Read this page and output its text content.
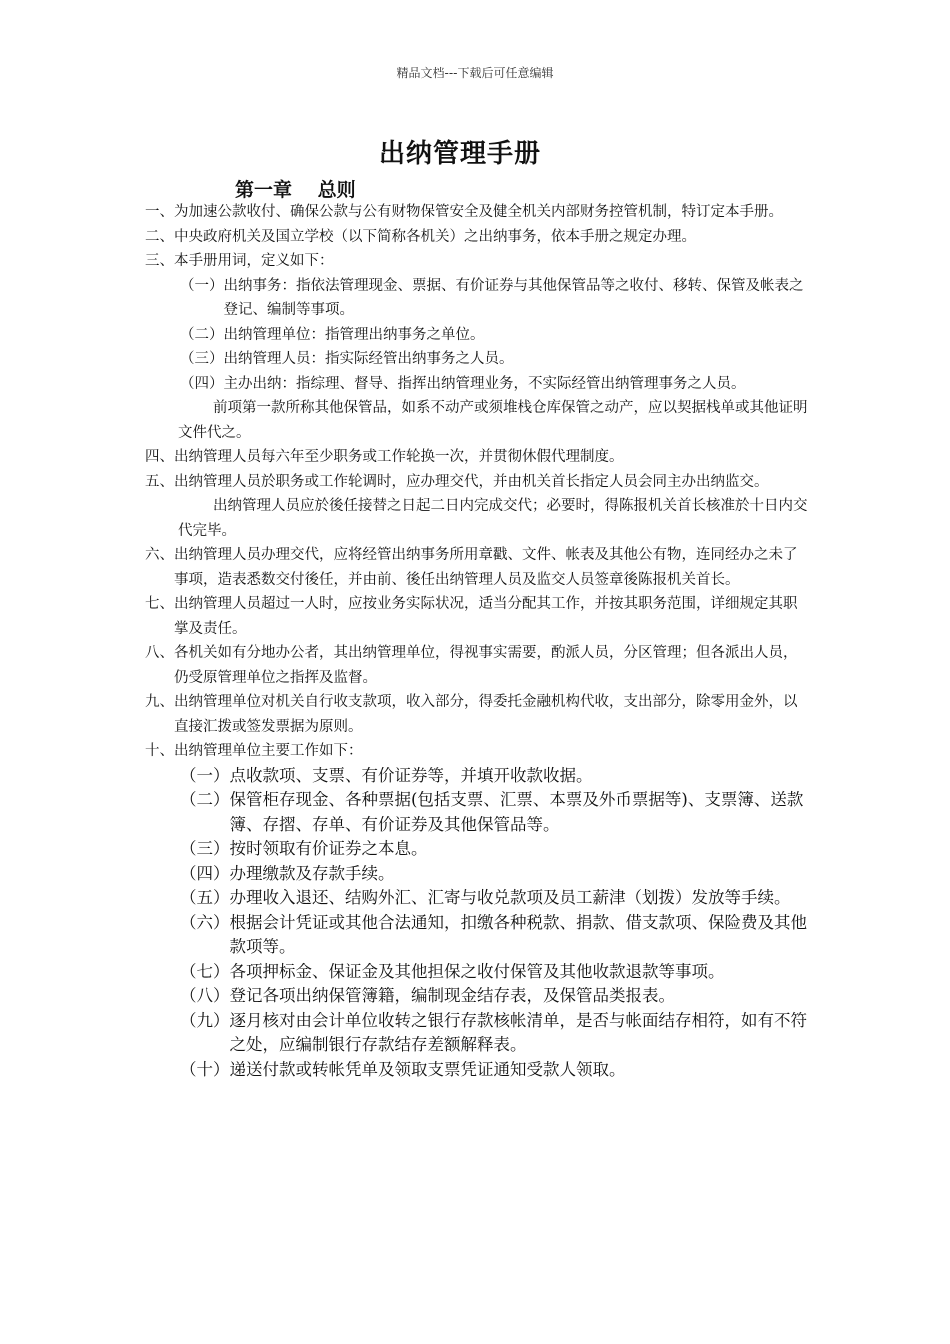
精品文档---下载后可任意编辑
出纳管理手册
第一章　 总则
一、 为加速公款收付、确保公款与公有财物保管安全及健全机关内部财务控管机制，特订定本手册。
二、 中央政府机关及国立学校（以下简称各机关）之出纳事务，依本手册之规定办理。
三、 本手册用词，定义如下：
（一） 出纳事务：指依法管理现金、票据、有价证券与其他保管品等之收付、移转、保管及帐表之登记、编制等事项。
（二） 出纳管理单位：指管理出纳事务之单位。
（三） 出纳管理人员：指实际经管出纳事务之人员。
（四） 主办出纳：指综理、督导、指挥出纳管理业务，不实际经管出纳管理事务之人员。

前项第一款所称其他保管品，如系不动产或须堆栈仓库保管之动产，应以契据栈单或其他证明文件代之。

四、 出纳管理人员每六年至少职务或工作轮换一次，并贯彻休假代理制度。
五、 出纳管理人员於职务或工作轮调时，应办理交代，并由机关首长指定人员会同主办出纳监交。

出纳管理人员应於後任接替之日起二日内完成交代；必要时，得陈报机关首长核准於十日内交代完毕。

六、 出纳管理人员办理交代，应将经管出纳事务所用章戳、文件、帐表及其他公有物，连同经办之未了事项，造表悉数交付後任，并由前、後任出纳管理人员及监交人员签章後陈报机关首长。
七、 出纳管理人员超过一人时，应按业务实际状况，适当分配其工作，并按其职务范围，详细规定其职掌及责任。
八、 各机关如有分地办公者，其出纳管理单位，得视事实需要，酌派人员，分区管理；但各派出人员，仍受原管理单位之指挥及监督。
九、 出纳管理单位对机关自行收支款项，收入部分，得委托金融机构代收，支出部分，除零用金外，以直接汇拨或签发票据为原则。
十、 出纳管理单位主要工作如下：
（一） 点收款项、支票、有价证券等，并填开收款收据。
（二） 保管柜存现金、各种票据(包括支票、汇票、本票及外币票据等)、支票簿、送款簿、存摺、存单、有价证券及其他保管品等。
（三） 按时领取有价证券之本息。
（四） 办理缴款及存款手续。
（五） 办理收入退还、结购外汇、汇寄与收兑款项及员工薪津（划拨）发放等手续。
（六） 根据会计凭证或其他合法通知，扣缴各种税款、捐款、借支款项、保险费及其他款项等。
（七） 各项押标金、保证金及其他担保之收付保管及其他收款退款等事项。
（八） 登记各项出纳保管簿籍，编制现金结存表，及保管品类报表。
（九） 逐月核对由会计单位收转之银行存款核帐清单，是否与帐面结存相符，如有不符之处，应编制银行存款结存差额解释表。
（十） 递送付款或转帐凭单及领取支票凭证通知受款人领取。
